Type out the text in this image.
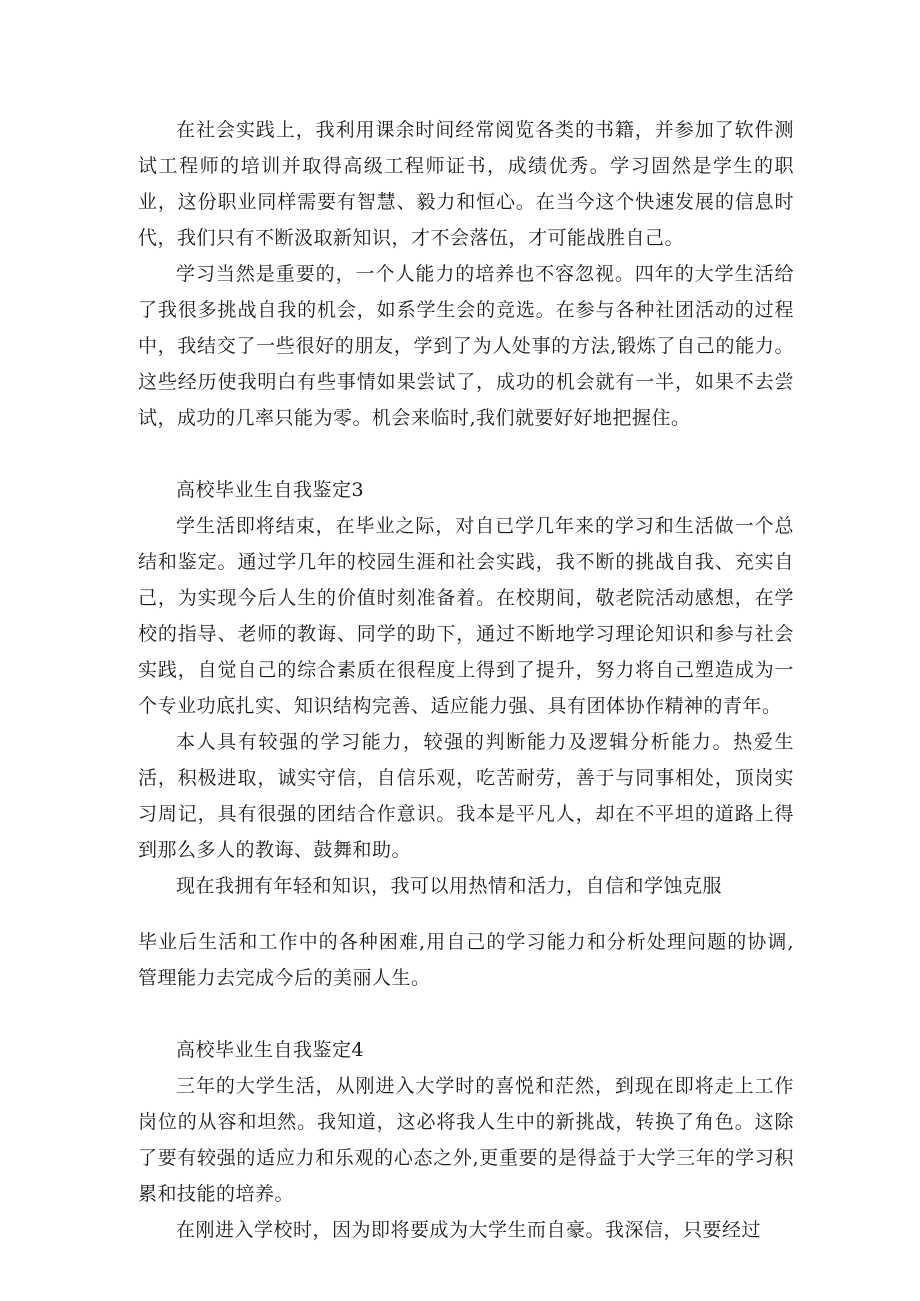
在社会实践上，我利用课余时间经常阅览各类的书籍，并参加了软件测试工程师的培训并取得高级工程师证书，成绩优秀。学习固然是学生的职业，这份职业同样需要有智慧、毅力和恒心。在当今这个快速发展的信息时代，我们只有不断汲取新知识，才不会落伍，才可能战胜自己。

学习当然是重要的，一个人能力的培养也不容忽视。四年的大学生活给了我很多挑战自我的机会，如系学生会的竞选。在参与各种社团活动的过程中，我结交了一些很好的朋友，学到了为人处事的方法,锻炼了自己的能力。这些经历使我明白有些事情如果尝试了，成功的机会就有一半，如果不去尝试，成功的几率只能为零。机会来临时,我们就要好好地把握住。

高校毕业生自我鉴定3

学生活即将结束，在毕业之际，对自已学几年来的学习和生活做一个总结和鉴定。通过学几年的校园生涯和社会实践，我不断的挑战自我、充实自己，为实现今后人生的价值时刻准备着。在校期间，敬老院活动感想，在学校的指导、老师的教诲、同学的助下，通过不断地学习理论知识和参与社会实践，自觉自己的综合素质在很程度上得到了提升，努力将自己塑造成为一个专业功底扎实、知识结构完善、适应能力强、具有团体协作精神的青年。

本人具有较强的学习能力，较强的判断能力及逻辑分析能力。热爱生活，积极进取，诚实守信，自信乐观，吃苦耐劳，善于与同事相处，顶岗实习周记，具有很强的团结合作意识。我本是平凡人，却在不平坦的道路上得到那么多人的教诲、鼓舞和助。

现在我拥有年轻和知识，我可以用热情和活力，自信和学蚀克服

毕业后生活和工作中的各种困难,用自己的学习能力和分析处理问题的协调,管理能力去完成今后的美丽人生。

高校毕业生自我鉴定4

三年的大学生活，从刚进入大学时的喜悦和茫然，到现在即将走上工作岗位的从容和坦然。我知道，这必将我人生中的新挑战，转换了角色。这除了要有较强的适应力和乐观的心态之外,更重要的是得益于大学三年的学习积累和技能的培养。

在刚进入学校时，因为即将要成为大学生而自豪。我深信，只要经过
